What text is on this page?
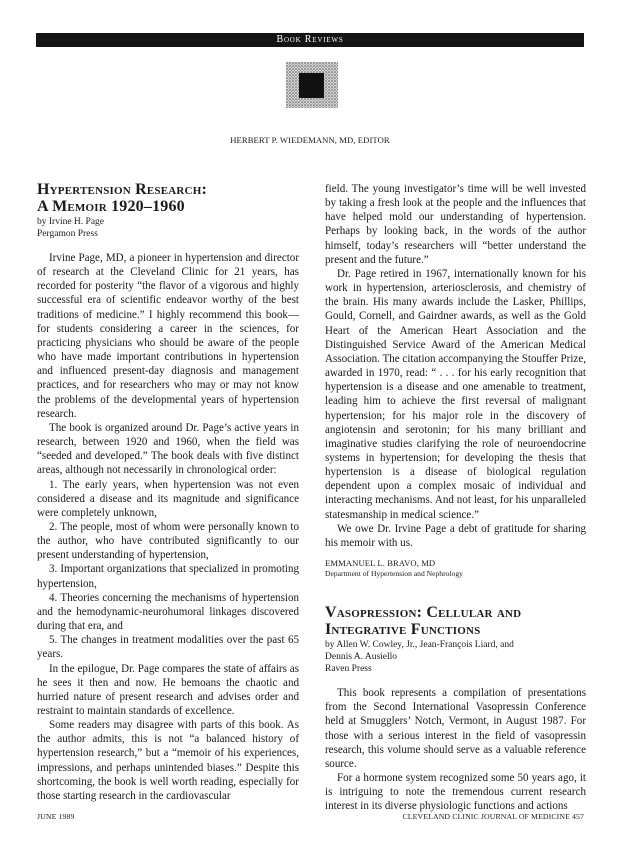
Book Reviews
HERBERT P. WIEDEMANN, MD, EDITOR
Hypertension Research:
A Memoir 1920–1960
by Irvine H. Page
Pergamon Press

Irvine Page, MD, a pioneer in hypertension and director of research at the Cleveland Clinic for 21 years, has recorded for posterity “the flavor of a vigorous and highly successful era of scientific endeavor worthy of the best traditions of medicine.” I highly recommend this book—for students considering a career in the sciences, for practicing physicians who should be aware of the people who have made important contributions in hypertension and influenced present-day diagnosis and management practices, and for researchers who may or may not know the problems of the developmental years of hypertension research.

The book is organized around Dr. Page’s active years in research, between 1920 and 1960, when the field was “seeded and developed.” The book deals with five distinct areas, although not necessarily in chronological order:

1. The early years, when hypertension was not even considered a disease and its magnitude and significance were completely unknown,

2. The people, most of whom were personally known to the author, who have contributed significantly to our present understanding of hypertension,

3. Important organizations that specialized in promoting hypertension,

4. Theories concerning the mechanisms of hypertension and the hemodynamic-neurohumoral linkages discovered during that era, and

5. The changes in treatment modalities over the past 65 years.

In the epilogue, Dr. Page compares the state of affairs as he sees it then and now. He bemoans the chaotic and hurried nature of present research and advises order and restraint to maintain standards of excellence.

Some readers may disagree with parts of this book. As the author admits, this is not “a balanced history of hypertension research,” but a “memoir of his experiences, impressions, and perhaps unintended biases.” Despite this shortcoming, the book is well worth reading, especially for those starting research in the cardiovascular

field. The young investigator’s time will be well invested by taking a fresh look at the people and the influences that have helped mold our understanding of hypertension. Perhaps by looking back, in the words of the author himself, today’s researchers will “better understand the present and the future.”

Dr. Page retired in 1967, internationally known for his work in hypertension, arteriosclerosis, and chemistry of the brain. His many awards include the Lasker, Phillips, Gould, Cornell, and Gairdner awards, as well as the Gold Heart of the American Heart Association and the Distinguished Service Award of the American Medical Association. The citation accompanying the Stouffer Prize, awarded in 1970, read: “ . . . for his early recognition that hypertension is a disease and one amenable to treatment, leading him to achieve the first reversal of malignant hypertension; for his major role in the discovery of angiotensin and serotonin; for his many brilliant and imaginative studies clarifying the role of neuroendocrine systems in hypertension; for developing the thesis that hypertension is a disease of biological regulation dependent upon a complex mosaic of individual and interacting mechanisms. And not least, for his unparalleled statesmanship in medical science.”

We owe Dr. Irvine Page a debt of gratitude for sharing his memoir with us.

EMMANUEL L. BRAVO, MD
Department of Hypertension and Nephrology
Vasopression: Cellular and
Integrative Functions
by Allen W. Cowley, Jr., Jean-François Liard, and
Dennis A. Ausiello
Raven Press

This book represents a compilation of presentations from the Second International Vasopressin Conference held at Smugglers’ Notch, Vermont, in August 1987. For those with a serious interest in the field of vasopressin research, this volume should serve as a valuable reference source.

For a hormone system recognized some 50 years ago, it is intriguing to note the tremendous current research interest in its diverse physiologic functions and actions

JUNE 1989	CLEVELAND CLINIC JOURNAL OF MEDICINE 457
